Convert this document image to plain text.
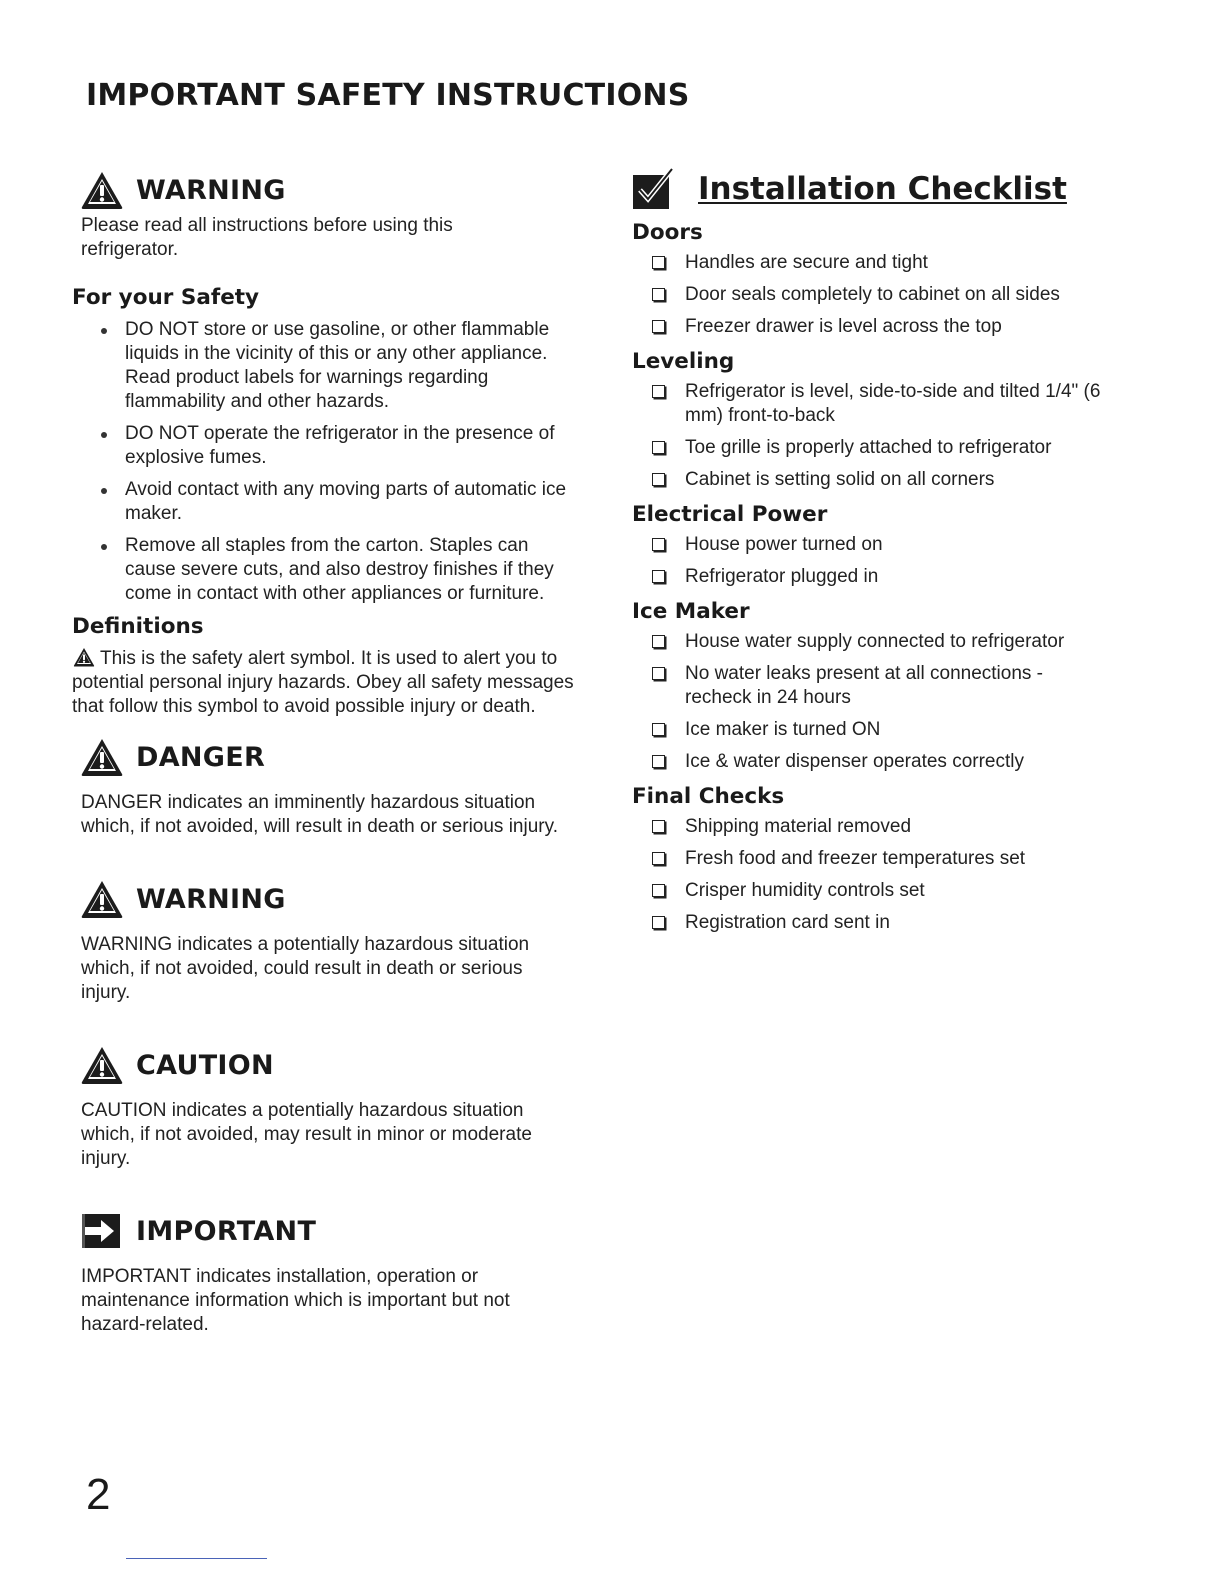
IMPORTANT SAFETY INSTRUCTIONS
WARNING

Please read all instructions before using this refrigerator.

For your Safety
DO NOT store or use gasoline, or other flammable liquids in the vicinity of this or any other appliance. Read product labels for warnings regarding flammability and other hazards.
DO NOT operate the refrigerator in the presence of explosive fumes.
Avoid contact with any moving parts of automatic ice maker.
Remove all staples from the carton. Staples can cause severe cuts, and also destroy finishes if they come in contact with other appliances or furniture.
Definitions

This is the safety alert symbol. It is used to alert you to potential personal injury hazards. Obey all safety messages that follow this symbol to avoid possible injury or death.

DANGER

DANGER indicates an imminently hazardous situation which, if not avoided, will result in death or serious injury.

WARNING

WARNING indicates a potentially hazardous situation which, if not avoided, could result in death or serious injury.

CAUTION

CAUTION indicates a potentially hazardous situation which, if not avoided, may result in minor or moderate injury.

IMPORTANT

IMPORTANT indicates installation, operation or maintenance information which is important but not hazard-related.

Installation Checklist
Doors
Handles are secure and tight
Door seals completely to cabinet on all sides
Freezer drawer is level across the top
Leveling
Refrigerator is level, side-to-side and tilted 1/4" (6 mm) front-to-back
Toe grille is properly attached to refrigerator
Cabinet is setting solid on all corners
Electrical Power
House power turned on
Refrigerator plugged in
Ice Maker
House water supply connected to refrigerator
No water leaks present at all connections - recheck in 24 hours
Ice maker is turned ON
Ice & water dispenser operates correctly
Final Checks
Shipping material removed
Fresh food and freezer temperatures set
Crisper humidity controls set
Registration card sent in
2
